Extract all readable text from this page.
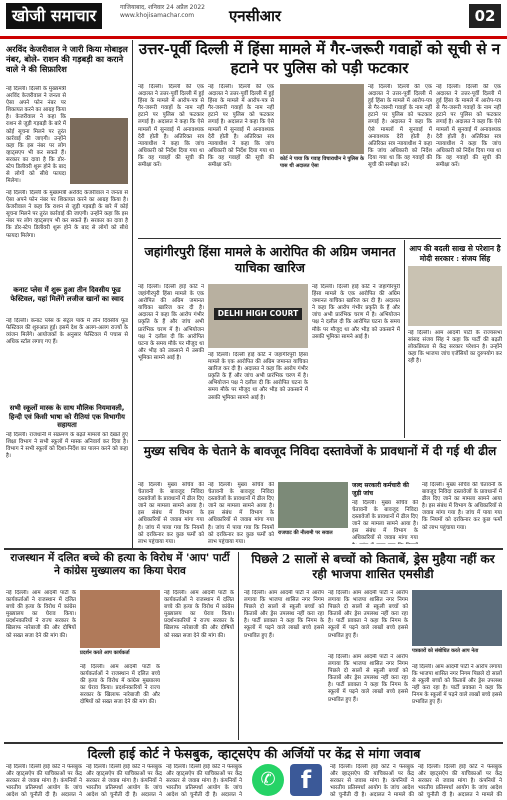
खोजी समाचार	गाजियाबाद, शनिवार 24 अप्रैल 2022
www.khojisamachar.com	एनसीआर	02
अरविंद केजरीवाल ने जारी किया मोबाइल नंबर, बोले- राशन की गड़बड़ी का कराने वाले ने की सिफ़ारिश
नई दिल्ली। दिल्ली के मुख्यमंत्री अरविंद केजरीवाल ने जनता से ऐसा अपने फोन नंबर पर शिकायत करने का आग्रह किया है। केजरीवाल ने कहा कि राशन से जुड़ी गड़बड़ी के बारे में कोई सूचना मिलने पर तुरंत कार्रवाई की जाएगी। उन्होंने कहा कि इस नंबर पर लोग व्हाट्सएप भी कर सकते हैं। सरकार का दावा है कि डोर-स्टेप डिलीवरी शुरू होने के बाद से लोगों को सीधे फायदा मिलेगा।

नई दिल्ली। दिल्ली के मुख्यमंत्री अरविंद केजरीवाल ने जनता से ऐसा अपने फोन नंबर पर शिकायत करने का आग्रह किया है। केजरीवाल ने कहा कि राशन से जुड़ी गड़बड़ी के बारे में कोई सूचना मिलने पर तुरंत कार्रवाई की जाएगी। उन्होंने कहा कि इस नंबर पर लोग व्हाट्सएप भी कर सकते हैं। सरकार का दावा है कि डोर-स्टेप डिलीवरी शुरू होने के बाद से लोगों को सीधे फायदा मिलेगा।

कनाट प्लेस में शुरू हुआ तीन दिवसीय फूड फेस्टिवल, यहां मिलेंगे लजीज खानों का स्वाद
नई दिल्ली। कनाट प्लेस के सेंट्रल पार्क में तीन दिवसीय फूड फेस्टिवल की शुरुआत हुई। इसमें देश के अलग-अलग राज्यों के व्यंजन मिलेंगे। आयोजकों के अनुसार फेस्टिवल में पचास से अधिक स्टॉल लगाए गए हैं।
सभी स्कूलों मास्क के साथ मौलिक नियमावली, हिन्दी एवं किसी भाषा को रीतियां एक विभागीय सहायता
नई दिल्ली। राजधानी में संक्रमण के बढ़ते मामलों को देखते हुए शिक्षा विभाग ने सभी स्कूलों में मास्क अनिवार्य कर दिया है। विभाग ने सभी स्कूलों को दिशा-निर्देश का पालन करने को कहा है।
उत्तर-पूर्वी दिल्ली में हिंसा मामले में गैर-जरूरी गवाहों को सूची से न हटाने पर पुलिस को पड़ी फटकार
नई दिल्ली। दिल्ली की एक अदालत ने उत्तर-पूर्वी दिल्ली में हुई हिंसा के मामले में आरोप-पत्र से गैर-जरूरी गवाहों के नाम नहीं हटाने पर पुलिस को फटकार लगाई है। अदालत ने कहा कि ऐसे मामलों में सुनवाई में अनावश्यक देरी होती है। अतिरिक्त सत्र न्यायाधीश ने कहा कि जांच अधिकारी को निर्देश दिया गया था कि वह गवाहों की सूची की समीक्षा करें।
नई दिल्ली। दिल्ली की एक अदालत ने उत्तर-पूर्वी दिल्ली में हुई हिंसा के मामले में आरोप-पत्र से गैर-जरूरी गवाहों के नाम नहीं हटाने पर पुलिस को फटकार लगाई है। अदालत ने कहा कि ऐसे मामलों में सुनवाई में अनावश्यक देरी होती है। अतिरिक्त सत्र न्यायाधीश ने कहा कि जांच अधिकारी को निर्देश दिया गया था कि वह गवाहों की सूची की समीक्षा करें।
कोर्ट ने पाया कि गवाह विचाराधीन ने पुलिस के पास थी अदालत ऐसा
नई दिल्ली। दिल्ली की एक अदालत ने उत्तर-पूर्वी दिल्ली में हुई हिंसा के मामले में आरोप-पत्र से गैर-जरूरी गवाहों के नाम नहीं हटाने पर पुलिस को फटकार लगाई है। अदालत ने कहा कि ऐसे मामलों में सुनवाई में अनावश्यक देरी होती है। अतिरिक्त सत्र न्यायाधीश ने कहा कि जांच अधिकारी को निर्देश दिया गया था कि वह गवाहों की सूची की समीक्षा करें।
नई दिल्ली। दिल्ली की एक अदालत ने उत्तर-पूर्वी दिल्ली में हुई हिंसा के मामले में आरोप-पत्र से गैर-जरूरी गवाहों के नाम नहीं हटाने पर पुलिस को फटकार लगाई है। अदालत ने कहा कि ऐसे मामलों में सुनवाई में अनावश्यक देरी होती है। अतिरिक्त सत्र न्यायाधीश ने कहा कि जांच अधिकारी को निर्देश दिया गया था कि वह गवाहों की सूची की समीक्षा करें।
जहांगीरपुरी हिंसा मामले के आरोपित की अग्रिम जमानत याचिका खारिज
नई दिल्ली। दिल्ली हाई कोर्ट ने जहांगीरपुरी हिंसा मामले के एक आरोपित की अग्रिम जमानत याचिका खारिज कर दी है। अदालत ने कहा कि आरोप गंभीर प्रकृति के हैं और जांच अभी प्रारंभिक चरण में है। अभियोजन पक्ष ने दलील दी कि आरोपित घटना के समय मौके पर मौजूद था और भीड़ को उकसाने में उसकी भूमिका सामने आई है।
DELHI HIGH COURT
नई दिल्ली। दिल्ली हाई कोर्ट ने जहांगीरपुरी हिंसा मामले के एक आरोपित की अग्रिम जमानत याचिका खारिज कर दी है। अदालत ने कहा कि आरोप गंभीर प्रकृति के हैं और जांच अभी प्रारंभिक चरण में है। अभियोजन पक्ष ने दलील दी कि आरोपित घटना के समय मौके पर मौजूद था और भीड़ को उकसाने में उसकी भूमिका सामने आई है।
नई दिल्ली। दिल्ली हाई कोर्ट ने जहांगीरपुरी हिंसा मामले के एक आरोपित की अग्रिम जमानत याचिका खारिज कर दी है। अदालत ने कहा कि आरोप गंभीर प्रकृति के हैं और जांच अभी प्रारंभिक चरण में है। अभियोजन पक्ष ने दलील दी कि आरोपित घटना के समय मौके पर मौजूद था और भीड़ को उकसाने में उसकी भूमिका सामने आई है।
आप की बदली साख से परेशान है मोदी सरकार : संजय सिंह
नई दिल्ली। आम आदमी पार्टी के राज्यसभा सांसद संजय सिंह ने कहा कि पार्टी की बढ़ती लोकप्रियता से केंद्र सरकार परेशान है। उन्होंने कहा कि भाजपा जांच एजेंसियों का दुरुपयोग कर रही है।
मुख्य सचिव के चेताने के बावजूद निविदा दस्तावेजों के प्रावधानों में दी गई थी ढील
नई दिल्ली। मुख्य सचिव की चेतावनी के बावजूद निविदा दस्तावेजों के प्रावधानों में ढील दिए जाने का मामला सामने आया है। इस संबंध में विभाग के अधिकारियों से जवाब मांगा गया है। जांच में पाया गया कि नियमों को दरकिनार कर कुछ फर्मों को लाभ पहुंचाया गया।
नई दिल्ली। मुख्य सचिव की चेतावनी के बावजूद निविदा दस्तावेजों के प्रावधानों में ढील दिए जाने का मामला सामने आया है। इस संबंध में विभाग के अधिकारियों से जवाब मांगा गया है। जांच में पाया गया कि नियमों को दरकिनार कर कुछ फर्मों को लाभ पहुंचाया गया।
राजघाट की नीलामी पर सवाल
जल्द सरकारी कर्मचारी की जुड़ी जांच
नई दिल्ली। मुख्य सचिव की चेतावनी के बावजूद निविदा दस्तावेजों के प्रावधानों में ढील दिए जाने का मामला सामने आया है। इस संबंध में विभाग के अधिकारियों से जवाब मांगा गया
नई दिल्ली। मुख्य सचिव की चेतावनी के बावजूद निविदा दस्तावेजों के प्रावधानों में ढील दिए जाने का मामला सामने आया है। इस संबंध में विभाग के अधिकारियों से जवाब मांगा गया है। जांच में पाया गया कि नियमों को दरकिनार कर कुछ फर्मों को लाभ पहुंचाया गया।
राजस्थान में दलित बच्चे की हत्या के विरोध में 'आप' पार्टी ने कांग्रेस मुख्यालय का किया घेराव
नई दिल्ली। आम आदमी पार्टी के कार्यकर्ताओं ने राजस्थान में दलित बच्चे की हत्या के विरोध में कांग्रेस मुख्यालय का घेराव किया। प्रदर्शनकारियों ने राज्य सरकार के खिलाफ नारेबाजी की और दोषियों को सख्त सजा देने की मांग की।
प्रदर्शन करते आप कार्यकर्ता
नई दिल्ली। आम आदमी पार्टी के कार्यकर्ताओं ने राजस्थान में दलित बच्चे की हत्या के विरोध में कांग्रेस मुख्यालय का घेराव किया। प्रदर्शनकारियों ने राज्य सरकार के खिलाफ नारेबाजी की और दोषियों को सख्त सजा देने की मांग की।
नई दिल्ली। आम आदमी पार्टी के कार्यकर्ताओं ने राजस्थान में दलित बच्चे की हत्या के विरोध में कांग्रेस मुख्यालय का घेराव किया। प्रदर्शनकारियों ने राज्य सरकार के खिलाफ नारेबाजी की और दोषियों को सख्त सजा देने की मांग की।
पिछले 2 सालों से बच्चों को किताबें, ड्रेस मुहैया नहीं कर रही भाजपा शासित एमसीडी
नई दिल्ली। आम आदमी पार्टी ने आरोप लगाया कि भाजपा शासित नगर निगम पिछले दो सालों से स्कूली बच्चों को किताबें और ड्रेस उपलब्ध नहीं करा रहा है। पार्टी प्रवक्ता ने कहा कि निगम के स्कूलों में पढ़ने वाले लाखों बच्चे इससे प्रभावित हुए हैं।
नई दिल्ली। आम आदमी पार्टी ने आरोप लगाया कि भाजपा शासित नगर निगम पिछले दो सालों से स्कूली बच्चों को किताबें और ड्रेस उपलब्ध नहीं करा रहा है। पार्टी प्रवक्ता ने कहा कि निगम के स्कूलों में पढ़ने वाले लाखों बच्चे इससे प्रभावित हुए हैं।
पत्रकारों को संबोधित करते आप नेता
नई दिल्ली। आम आदमी पार्टी ने आरोप लगाया कि भाजपा शासित नगर निगम पिछले दो सालों से स्कूली बच्चों को किताबें और ड्रेस उपलब्ध नहीं करा रहा है। पार्टी प्रवक्ता ने कहा कि निगम के स्कूलों में पढ़ने वाले लाखों बच्चे इससे प्रभावित हुए हैं।
नई दिल्ली। आम आदमी पार्टी ने आरोप लगाया कि भाजपा शासित नगर निगम पिछले दो सालों से स्कूली बच्चों को किताबें और ड्रेस उपलब्ध नहीं करा रहा है। पार्टी प्रवक्ता ने कहा कि निगम के स्कूलों में पढ़ने वाले लाखों बच्चे इससे प्रभावित हुए हैं।
दिल्ली हाई कोर्ट ने फेसबुक, व्हाट्सऐप की अर्जियों पर केंद्र से मांगा जवाब
नई दिल्ली। दिल्ली हाई कोर्ट ने फेसबुक और व्हाट्सऐप की याचिकाओं पर केंद्र सरकार से जवाब मांगा है। कंपनियों ने भारतीय प्रतिस्पर्धा आयोग के जांच आदेश को चुनौती दी है। अदालत ने
नई दिल्ली। दिल्ली हाई कोर्ट ने फेसबुक और व्हाट्सऐप की याचिकाओं पर केंद्र सरकार से जवाब मांगा है। कंपनियों ने भारतीय प्रतिस्पर्धा आयोग के जांच आदेश को चुनौती दी है। अदालत ने
नई दिल्ली। दिल्ली हाई कोर्ट ने फेसबुक और व्हाट्सऐप की याचिकाओं पर केंद्र सरकार से जवाब मांगा है। कंपनियों ने भारतीय प्रतिस्पर्धा आयोग के जांच आदेश को चुनौती दी है। अदालत ने
✆	f	नई दिल्ली। दिल्ली हाई कोर्ट ने फेसबुक और व्हाट्सऐप की याचिकाओं पर केंद्र सरकार से जवाब मांगा है। कंपनियों ने भारतीय प्रतिस्पर्धा आयोग के जांच आदेश को चुनौती दी है। अदालत ने मामले की
नई दिल्ली। दिल्ली हाई कोर्ट ने फेसबुक और व्हाट्सऐप की याचिकाओं पर केंद्र सरकार से जवाब मांगा है। कंपनियों ने भारतीय प्रतिस्पर्धा आयोग के जांच आदेश को चुनौती दी है। अदालत ने मामले की
